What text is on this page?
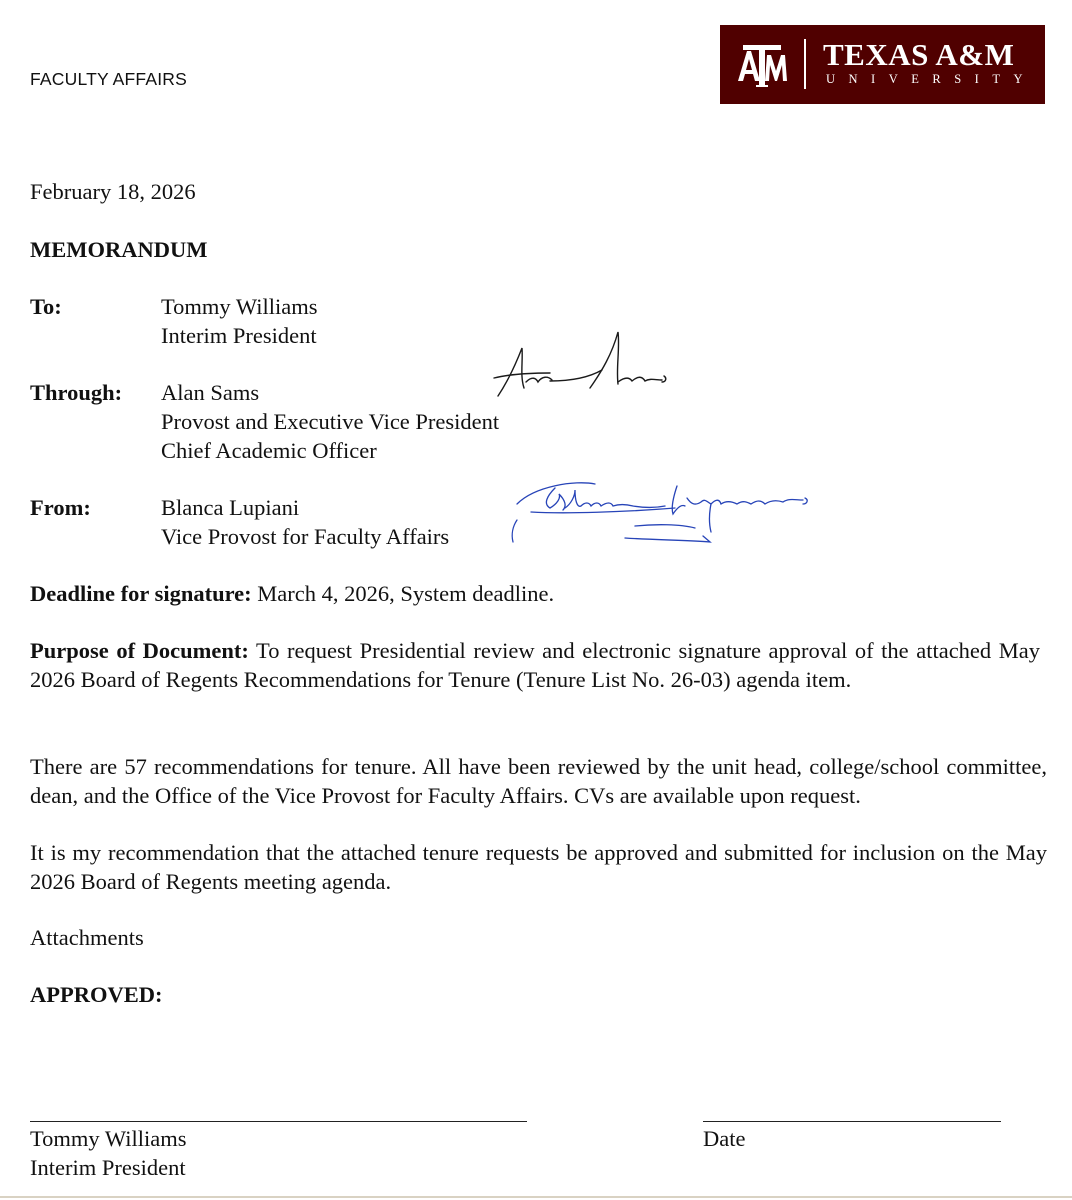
FACULTY AFFAIRS
TEXAS A&M
UNIVERSITY
February 18, 2026
MEMORANDUM
To:	Tommy Williams
Interim President
Through: Alan Sams
Provost and Executive Vice President
Chief Academic Officer
From:	Blanca Lupiani
Vice Provost for Faculty Affairs
Deadline for signature: March 4, 2026, System deadline.
Purpose of Document: To request Presidential review and electronic signature approval of the attached May 2026 Board of Regents Recommendations for Tenure (Tenure List No. 26-03) agenda item.
There are 57 recommendations for tenure. All have been reviewed by the unit head, college/school committee, dean, and the Office of the Vice Provost for Faculty Affairs. CVs are available upon request.
It is my recommendation that the attached tenure requests be approved and submitted for inclusion on the May 2026 Board of Regents meeting agenda.
Attachments
APPROVED:
Tommy Williams
Interim President
Date
